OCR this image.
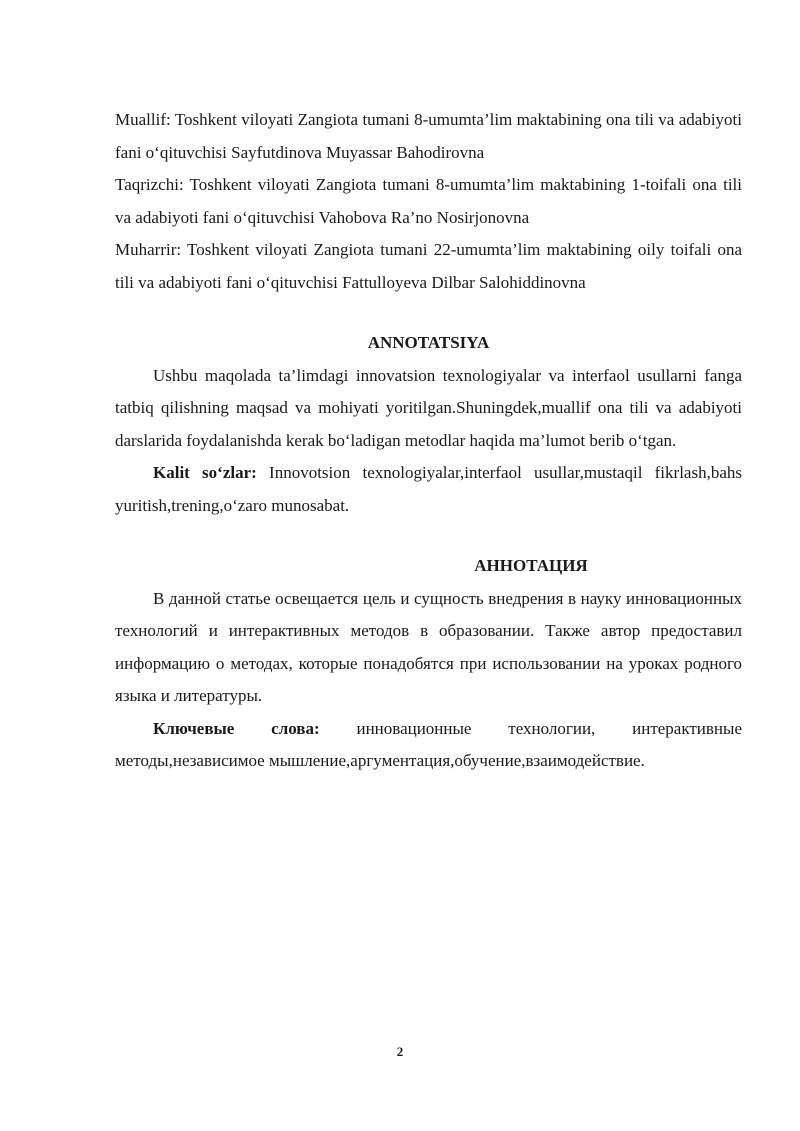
Muallif: Toshkent viloyati Zangiota tumani 8-umumta’lim maktabining ona tili va adabiyoti fani o‘qituvchisi Sayfutdinova Muyassar Bahodirovna

Taqrizchi: Toshkent viloyati Zangiota tumani 8-umumta’lim maktabining 1-toifali ona tili va adabiyoti fani o‘qituvchisi Vahobova Ra’no Nosirjonovna

Muharrir: Toshkent viloyati Zangiota tumani 22-umumta’lim maktabining oily toifali ona tili va adabiyoti fani o‘qituvchisi Fattulloyeva Dilbar Salohiddinovna

ANNOTATSIYA

Ushbu maqolada ta’limdagi innovatsion texnologiyalar va interfaol usullarni fanga tatbiq qilishning maqsad va mohiyati yoritilgan.Shuningdek,muallif ona tili va adabiyoti darslarida foydalanishda kerak bo‘ladigan metodlar haqida ma’lumot berib o‘tgan.

Kalit so‘zlar: Innovotsion texnologiyalar,interfaol usullar,mustaqil fikrlash,bahs yuritish,trening,o‘zaro munosabat.

АННОТАЦИЯ

В данной статье освещается цель и сущность внедрения в науку инновационных технологий и интерактивных методов в образовании. Также автор предоставил информацию о методах, которые понадобятся при использовании на уроках родного языка и литературы.

Ключевые слова: инновационные технологии, интерактивные методы,независимое мышление,аргументация,обучение,взаимодействие.

2
